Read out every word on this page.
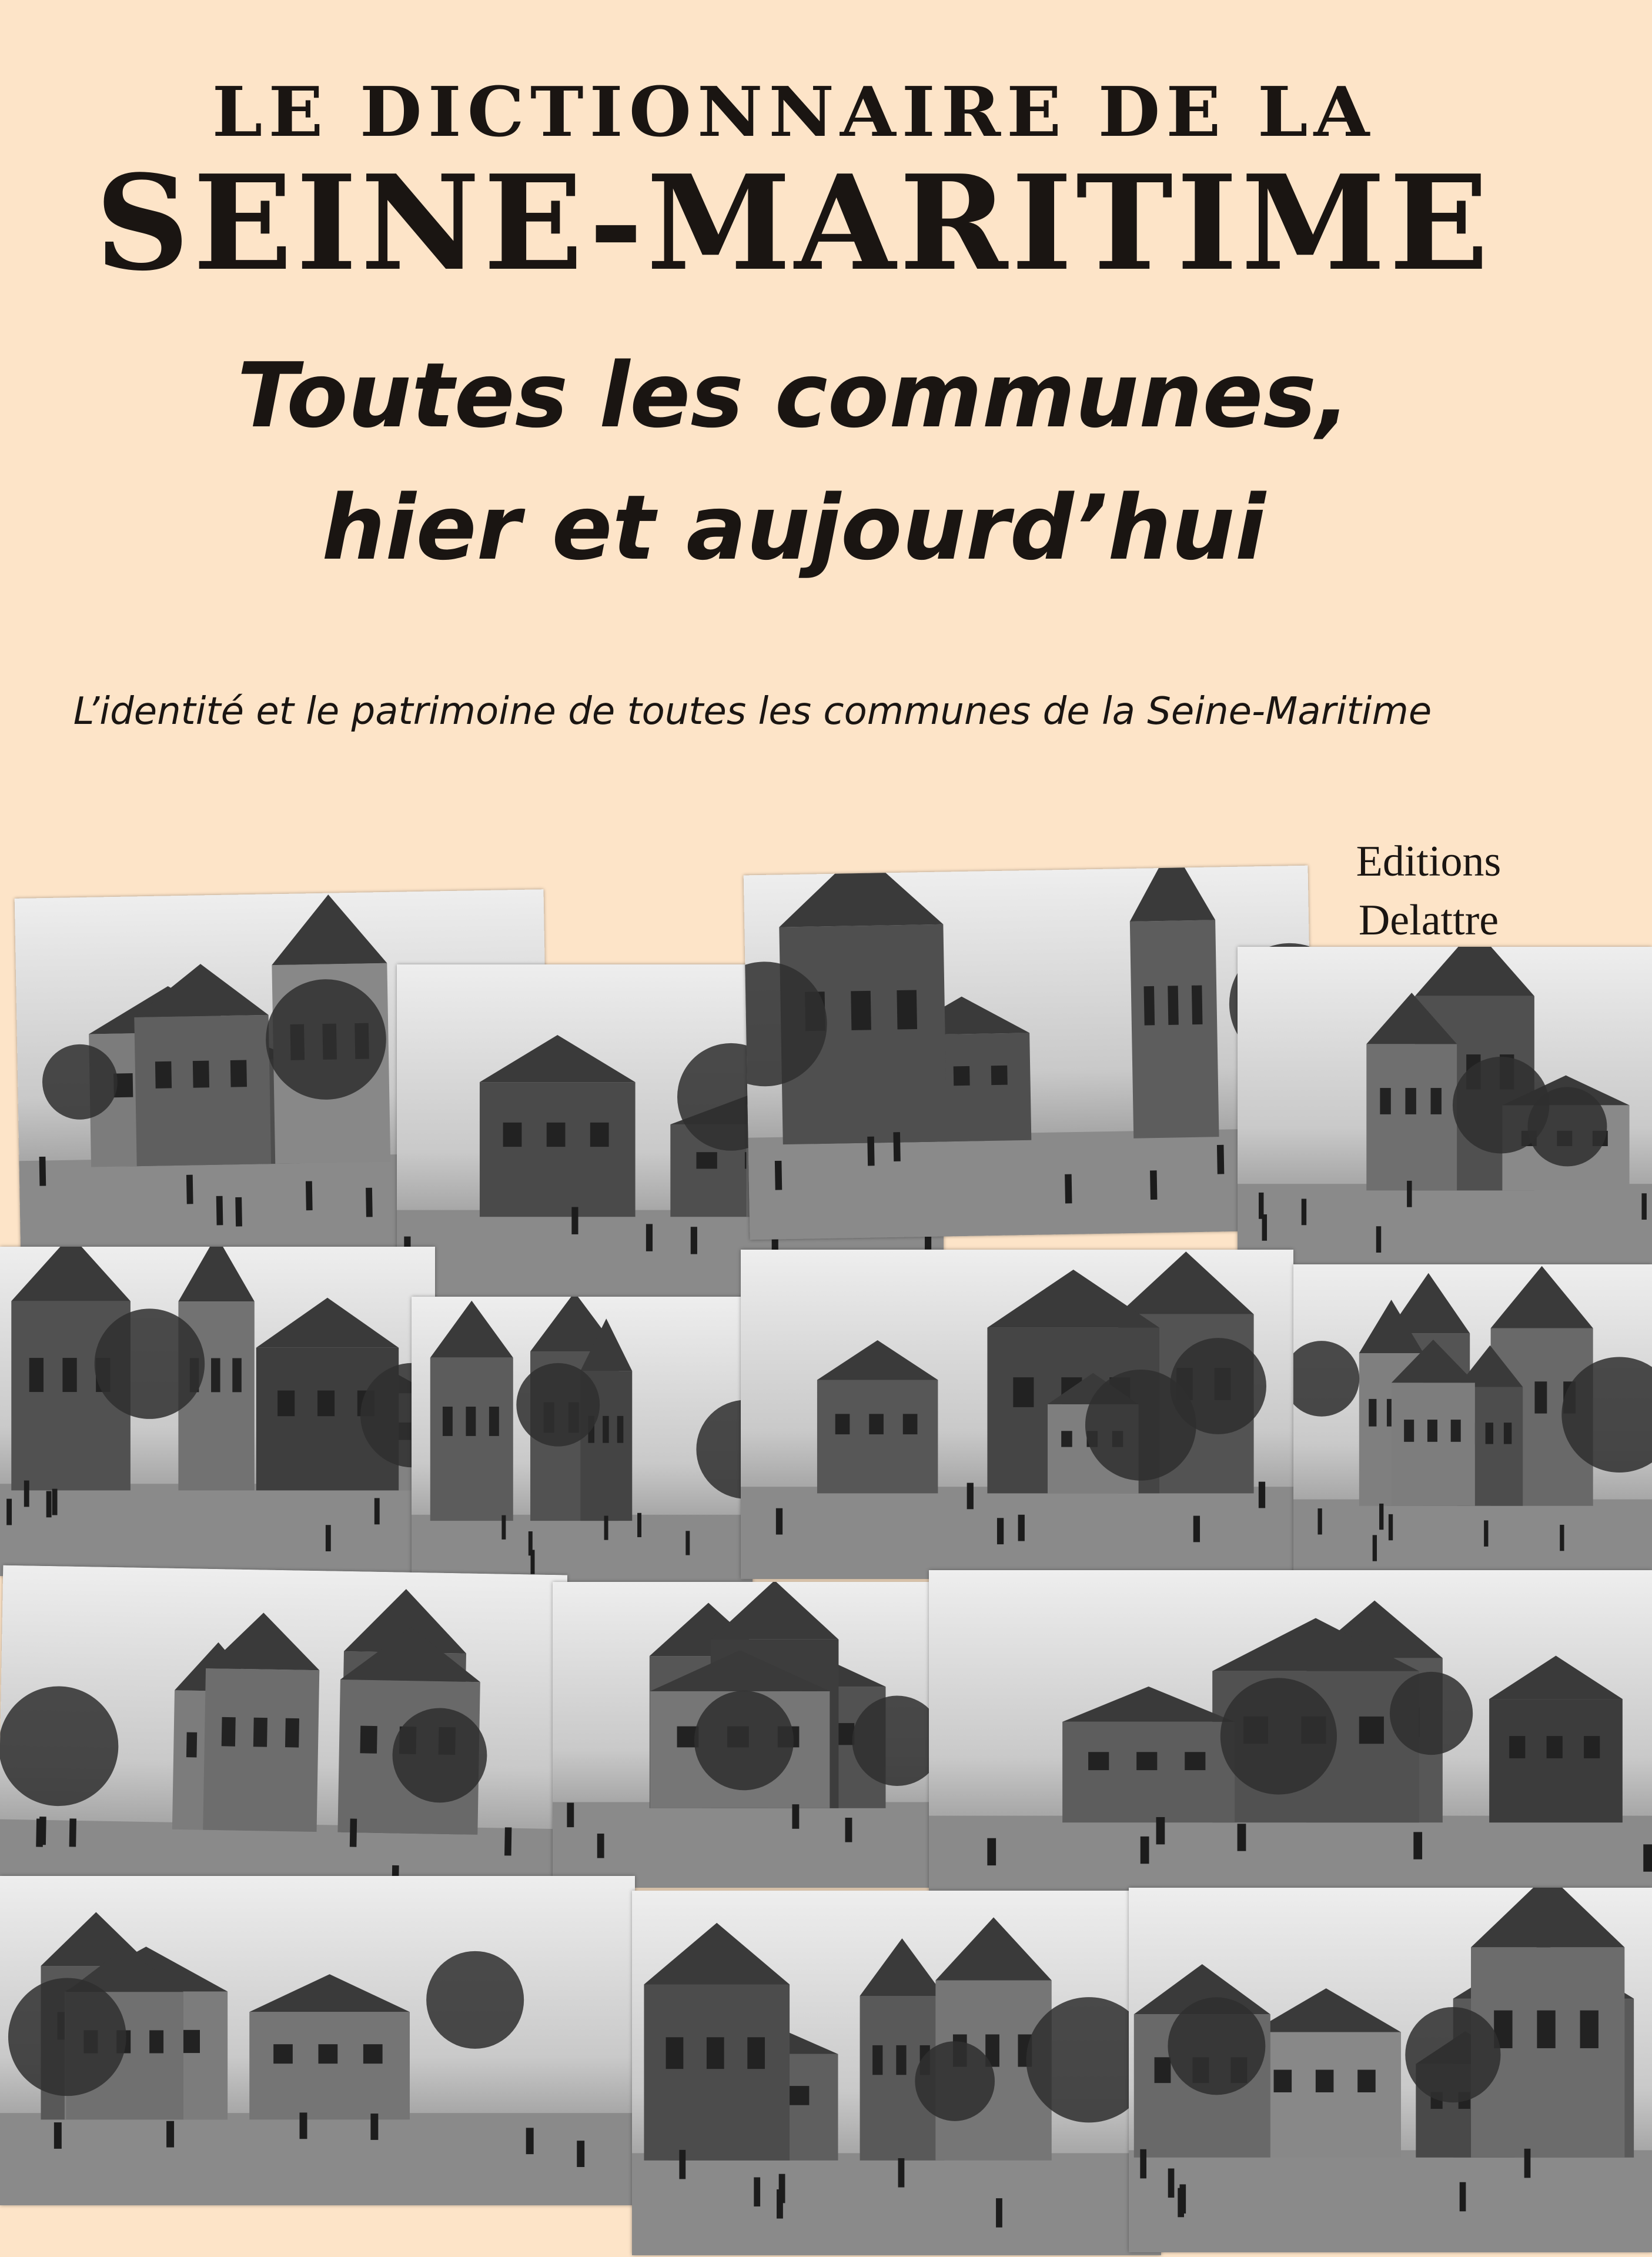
LE DICTIONNAIRE DE LA
SEINE-MARITIME
Toutes les communes,
hier et aujourd’hui
L’identité et le patrimoine de toutes les communes de la Seine-Maritime
Editions
Delattre
